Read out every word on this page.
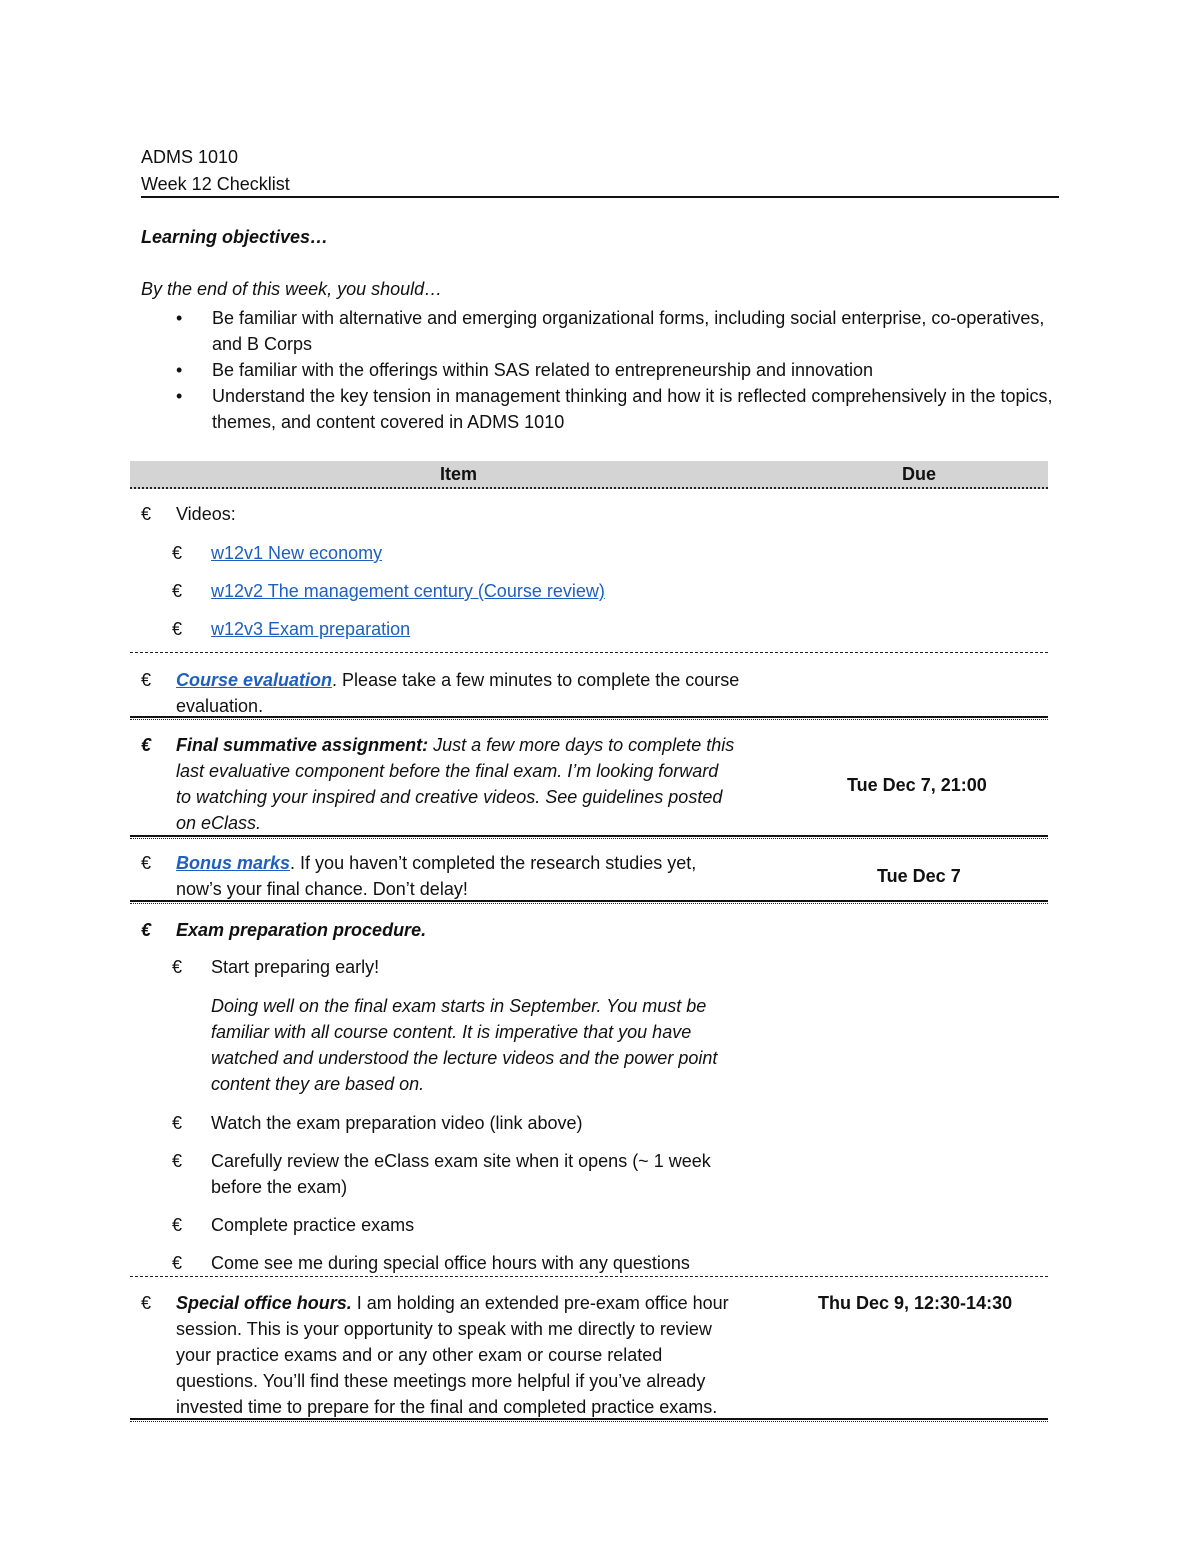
ADMS 1010
Week 12 Checklist
Learning objectives…
By the end of this week, you should…
• Be familiar with alternative and emerging organizational forms, including social enterprise, co-operatives, and B Corps
• Be familiar with the offerings within SAS related to entrepreneurship and innovation
• Understand the key tension in management thinking and how it is reflected comprehensively in the topics, themes, and content covered in ADMS 1010
Item	Due
€ Videos:
€ w12v1 New economy
€ w12v2 The management century (Course review)
€ w12v3 Exam preparation
€ Course evaluation. Please take a few minutes to complete the course
evaluation.
€ Final summative assignment: Just a few more days to complete this
last evaluative component before the final exam. I’m looking forward
to watching your inspired and creative videos. See guidelines posted
on eClass.
Tue Dec 7, 21:00
€ Bonus marks. If you haven’t completed the research studies yet,
now’s your final chance. Don’t delay!
Tue Dec 7
€ Exam preparation procedure.
€ Start preparing early!
Doing well on the final exam starts in September. You must be
familiar with all course content. It is imperative that you have
watched and understood the lecture videos and the power point
content they are based on.
€ Watch the exam preparation video (link above)
€ Carefully review the eClass exam site when it opens (~ 1 week
before the exam)
€ Complete practice exams
€ Come see me during special office hours with any questions
€ Special office hours. I am holding an extended pre-exam office hour
session. This is your opportunity to speak with me directly to review
your practice exams and or any other exam or course related
questions. You’ll find these meetings more helpful if you’ve already
invested time to prepare for the final and completed practice exams.
Thu Dec 9, 12:30-14:30
